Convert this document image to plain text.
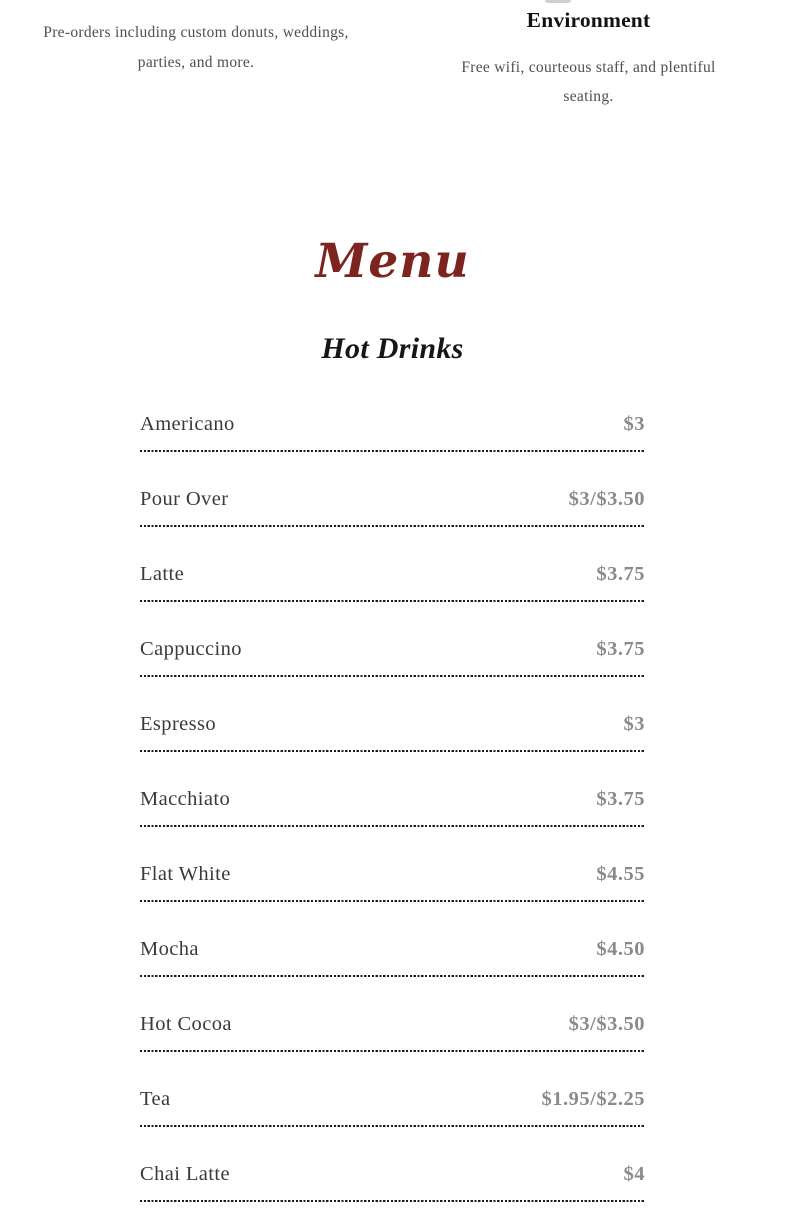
Pre-orders including custom donuts, weddings, parties, and more.

Environment

Free wifi, courteous staff, and plentiful seating.

Menu
Hot Drinks
Americano	$3
Pour Over	$3/$3.50
Latte	$3.75
Cappuccino	$3.75
Espresso	$3
Macchiato	$3.75
Flat White	$4.55
Mocha	$4.50
Hot Cocoa	$3/$3.50
Tea	$1.95/$2.25
Chai Latte	$4
